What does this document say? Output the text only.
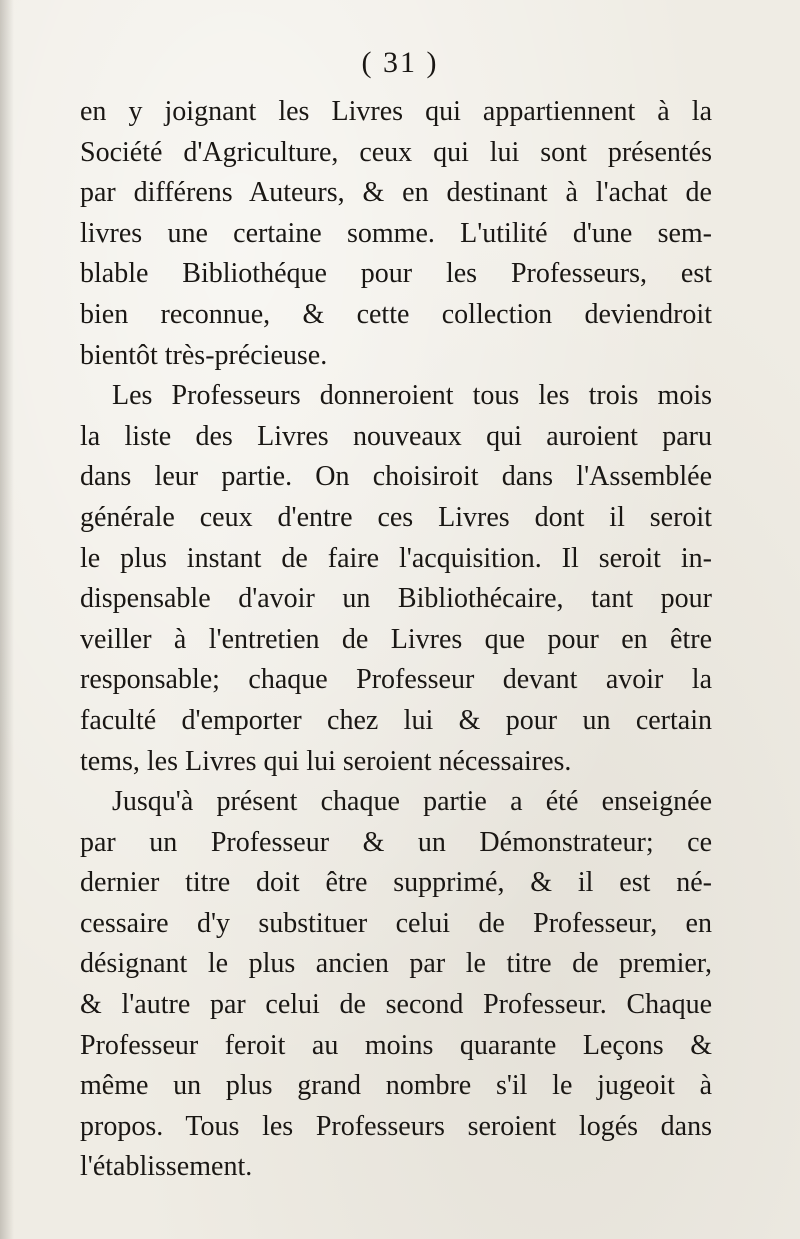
( 31 )

en y joignant les Livres qui appartiennent à la
Société d'Agriculture, ceux qui lui sont présentés
par différens Auteurs, & en destinant à l'achat de
livres une certaine somme. L'utilité d'une sem-
blable Bibliothéque pour les Professeurs, est
bien reconnue, & cette collection deviendroit
bientôt très-précieuse.
Les Professeurs donneroient tous les trois mois
la liste des Livres nouveaux qui auroient paru
dans leur partie. On choisiroit dans l'Assemblée
générale ceux d'entre ces Livres dont il seroit
le plus instant de faire l'acquisition. Il seroit in-
dispensable d'avoir un Bibliothécaire, tant pour
veiller à l'entretien de Livres que pour en être
responsable; chaque Professeur devant avoir la
faculté d'emporter chez lui & pour un certain
tems, les Livres qui lui seroient nécessaires.
Jusqu'à présent chaque partie a été enseignée
par un Professeur & un Démonstrateur; ce
dernier titre doit être supprimé, & il est né-
cessaire d'y substituer celui de Professeur, en
désignant le plus ancien par le titre de premier,
& l'autre par celui de second Professeur. Chaque
Professeur feroit au moins quarante Leçons &
même un plus grand nombre s'il le jugeoit à
propos. Tous les Professeurs seroient logés dans
l'établissement.
